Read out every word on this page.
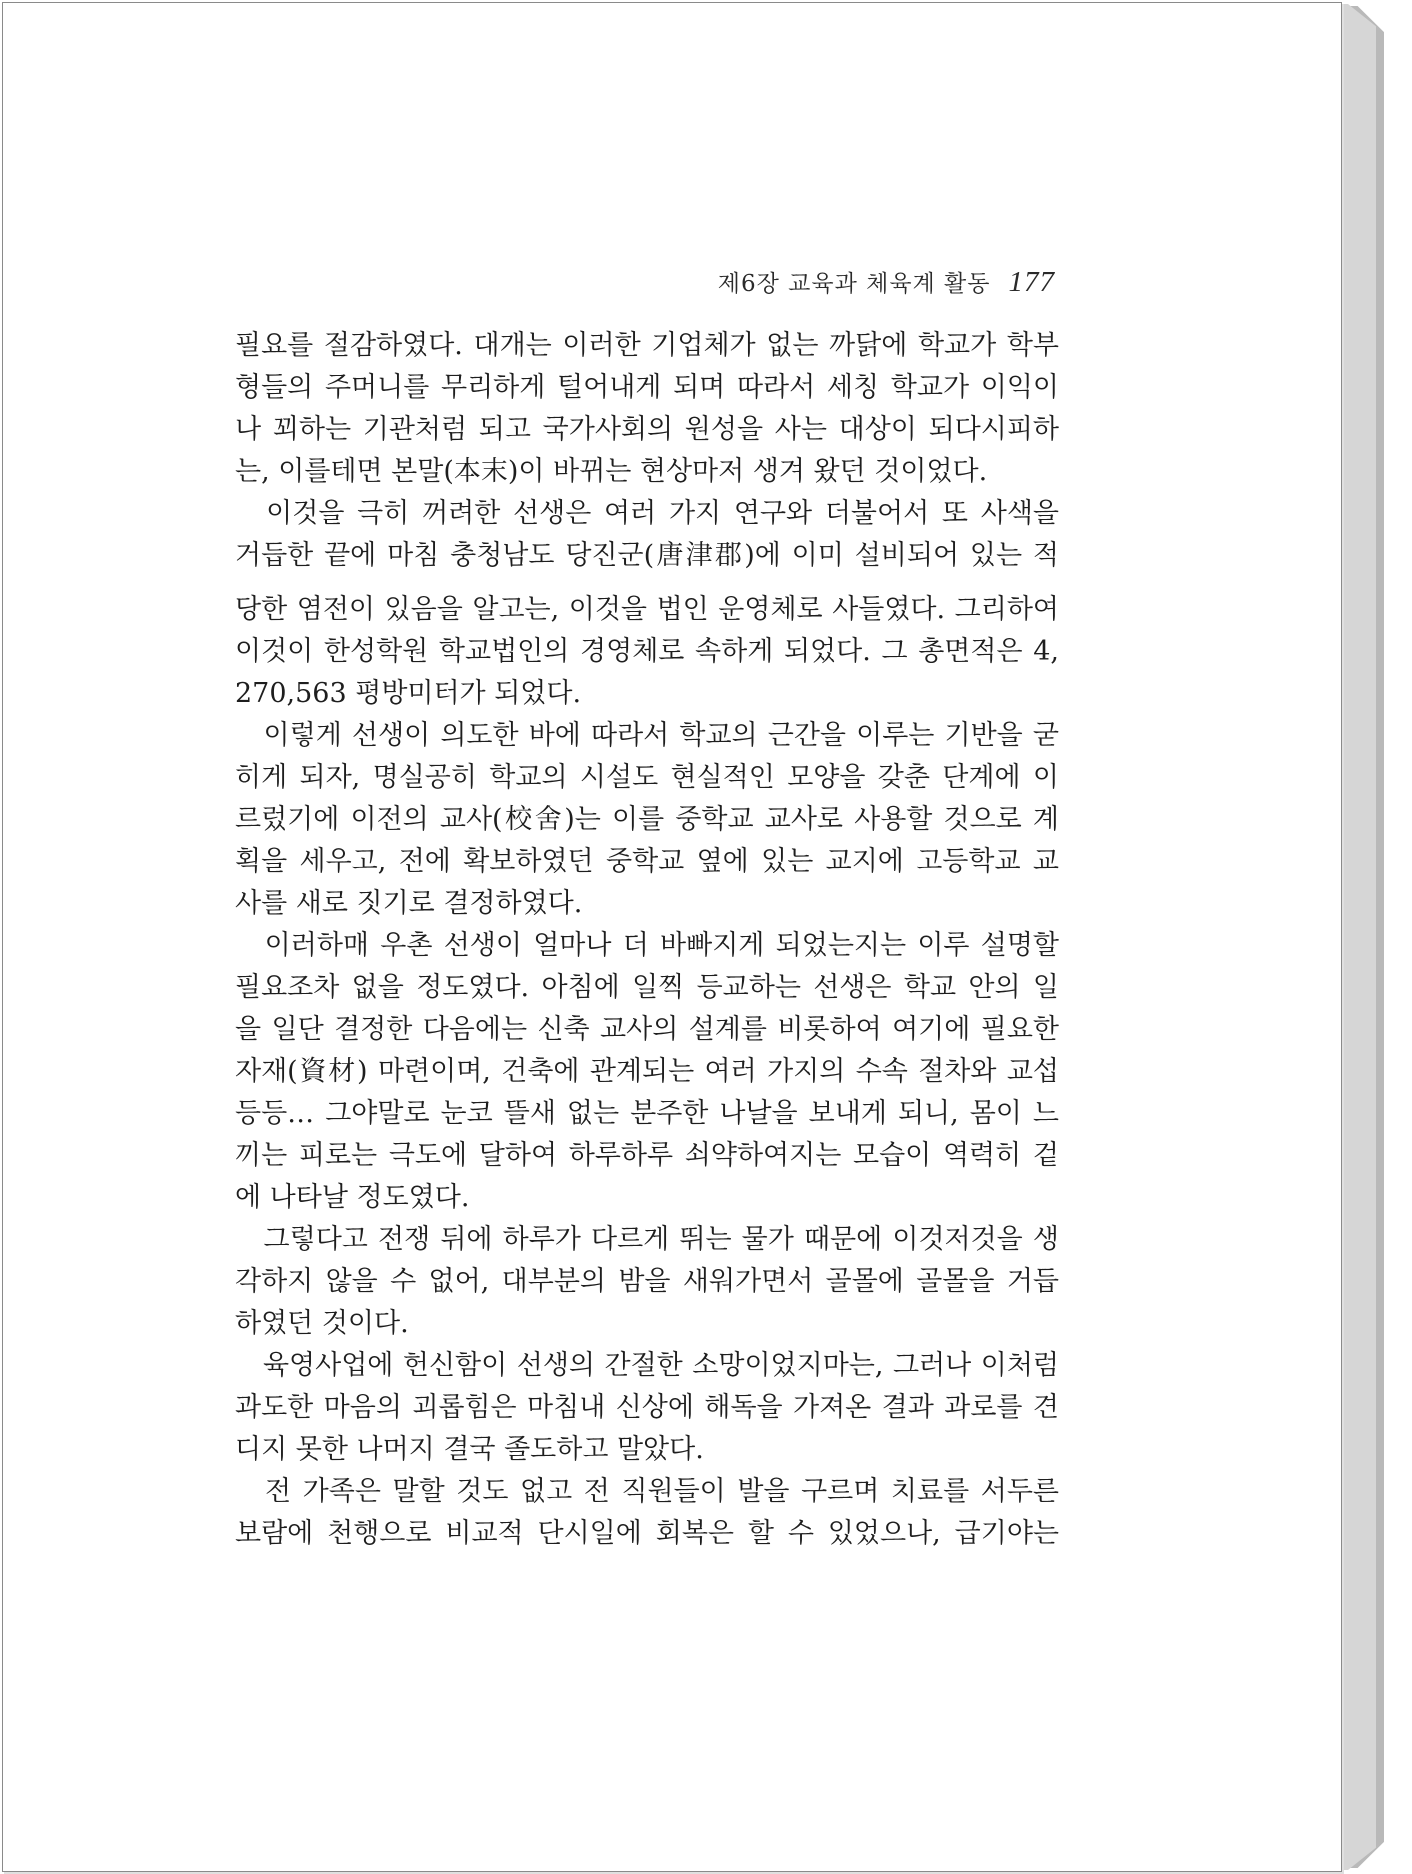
제6장 교육과 체육계 활동 177
필요를 절감하였다. 대개는 이러한 기업체가 없는 까닭에 학교가 학부
형들의 주머니를 무리하게 털어내게 되며 따라서 세칭 학교가 이익이
나 꾀하는 기관처럼 되고 국가사회의 원성을 사는 대상이 되다시피하
는, 이를테면 본말(本末)이 바뀌는 현상마저 생겨 왔던 것이었다.
　이것을 극히 꺼려한 선생은 여러 가지 연구와 더불어서 또 사색을
거듭한 끝에 마침 충청남도 당진군(唐津郡)에 이미 설비되어 있는 적
당한 염전이 있음을 알고는, 이것을 법인 운영체로 사들였다. 그리하여
이것이 한성학원 학교법인의 경영체로 속하게 되었다. 그 총면적은 4,
270,563 평방미터가 되었다.
　이렇게 선생이 의도한 바에 따라서 학교의 근간을 이루는 기반을 굳
히게 되자, 명실공히 학교의 시설도 현실적인 모양을 갖춘 단계에 이
르렀기에 이전의 교사(校舍)는 이를 중학교 교사로 사용할 것으로 계
획을 세우고, 전에 확보하였던 중학교 옆에 있는 교지에 고등학교 교
사를 새로 짓기로 결정하였다.
　이러하매 우촌 선생이 얼마나 더 바빠지게 되었는지는 이루 설명할
필요조차 없을 정도였다. 아침에 일찍 등교하는 선생은 학교 안의 일
을 일단 결정한 다음에는 신축 교사의 설계를 비롯하여 여기에 필요한
자재(資材) 마련이며, 건축에 관계되는 여러 가지의 수속 절차와 교섭
등등… 그야말로 눈코 뜰새 없는 분주한 나날을 보내게 되니, 몸이 느
끼는 피로는 극도에 달하여 하루하루 쇠약하여지는 모습이 역력히 겉
에 나타날 정도였다.
　그렇다고 전쟁 뒤에 하루가 다르게 뛰는 물가 때문에 이것저것을 생
각하지 않을 수 없어, 대부분의 밤을 새워가면서 골몰에 골몰을 거듭
하였던 것이다.
　육영사업에 헌신함이 선생의 간절한 소망이었지마는, 그러나 이처럼
과도한 마음의 괴롭힘은 마침내 신상에 해독을 가져온 결과 과로를 견
디지 못한 나머지 결국 졸도하고 말았다.
　전 가족은 말할 것도 없고 전 직원들이 발을 구르며 치료를 서두른
보람에 천행으로 비교적 단시일에 회복은 할 수 있었으나, 급기야는
